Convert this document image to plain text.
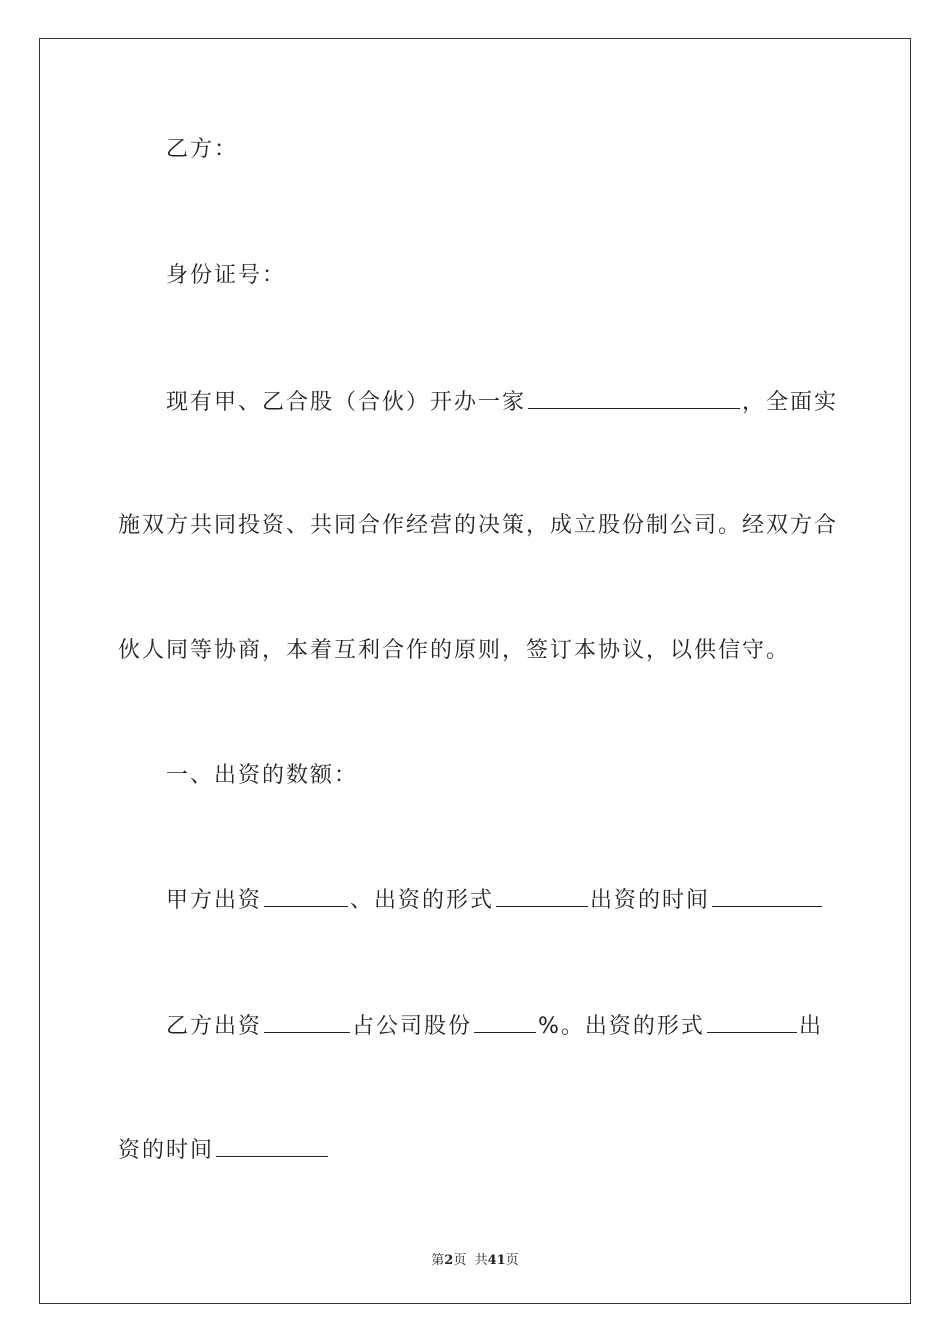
乙方：
身份证号：
现有甲、乙合股（合伙）开办一家	，全面实
施双方共同投资、共同合作经营的决策，成立股份制公司。经双方合
伙人同等协商，本着互利合作的原则，签订本协议，以供信守。
一、出资的数额：
甲方出资	、出资的形式	出资的时间
乙方出资	占公司股份	%。出资的形式	出
资的时间
第2页  共41页
